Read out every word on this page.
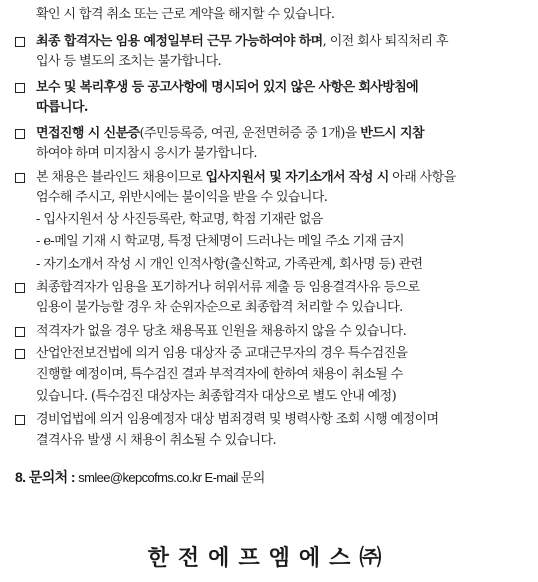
확인 시 합격 취소 또는 근로 계약을 해지할 수 있습니다.
최종 합격자는 임용 예정일부터 근무 가능하여야 하며, 이전 회사 퇴직처리 후
입사 등 별도의 조치는 불가합니다.
보수 및 복리후생 등 공고사항에 명시되어 있지 않은 사항은 회사방침에
따릅니다.
면접진행 시 신분증(주민등록증, 여권, 운전면허증 중 1개)을 반드시 지참
하여야 하며 미지참시 응시가 불가합니다.
본 채용은 블라인드 채용이므로 입사지원서 및 자기소개서 작성 시 아래 사항을
엄수해 주시고, 위반시에는 불이익을 받을 수 있습니다.
- 입사지원서 상 사진등록란, 학교명, 학점 기재란 없음
- e-메일 기재 시 학교명, 특정 단체명이 드러나는 메일 주소 기재 금지
- 자기소개서 작성 시 개인 인적사항(출신학교, 가족관계, 회사명 등) 관련
최종합격자가 임용을 포기하거나 허위서류 제출 등 임용결격사유 등으로
임용이 불가능할 경우 차 순위자순으로 최종합격 처리할 수 있습니다.
적격자가 없을 경우 당초 채용목표 인원을 채용하지 않을 수 있습니다.
산업안전보건법에 의거 임용 대상자 중 교대근무자의 경우 특수검진을
진행할 예정이며, 특수검진 결과 부적격자에 한하여 채용이 취소될 수
있습니다. (특수검진 대상자는 최종합격자 대상으로 별도 안내 예정)
경비업법에 의거 임용예정자 대상 범죄경력 및 병력사항 조회 시행 예정이며
결격사유 발생 시 채용이 취소될 수 있습니다.
8. 문의처 : smlee@kepcofms.co.kr E-mail 문의
한전에프엠에스㈜
